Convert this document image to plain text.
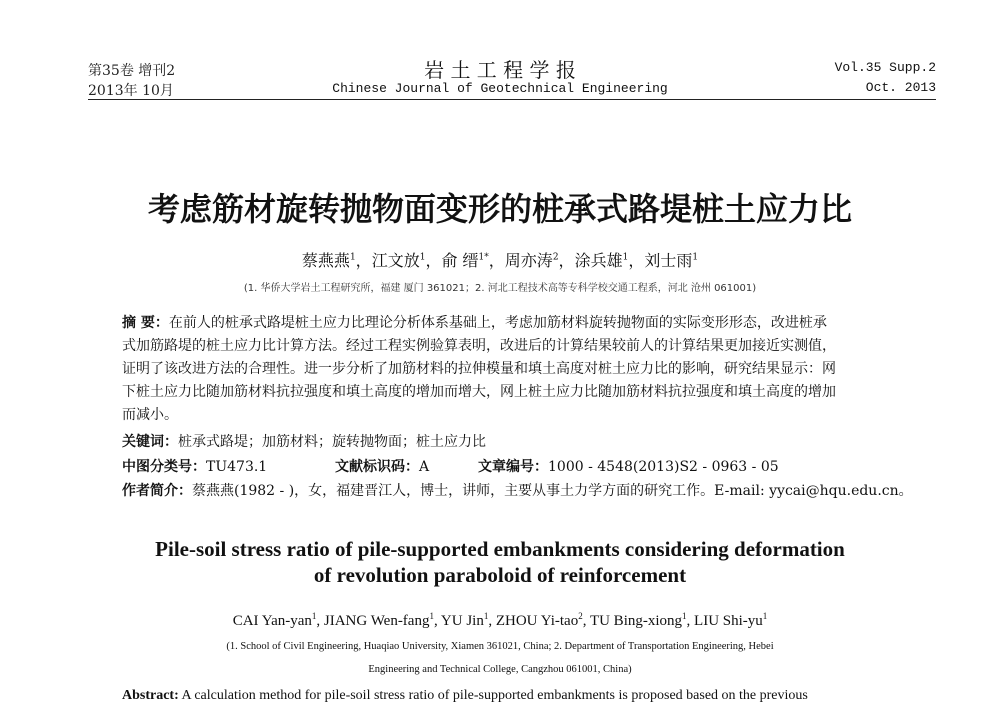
第35卷 增刊2
2013年 10月
岩 土 工 程 学 报
Chinese Journal of Geotechnical Engineering
Vol.35 Supp.2
Oct. 2013
考虑筋材旋转抛物面变形的桩承式路堤桩土应力比
蔡燕燕$^1$，江文放$^1$，俞 缙$^{1*}$，周亦涛$^2$，涂兵雄$^1$，刘士雨$^1$
(1. 华侨大学岩土工程研究所，福建 厦门 361021；2. 河北工程技术高等专科学校交通工程系，河北 沧州 061001)
摘 要：在前人的桩承式路堤桩土应力比理论分析体系基础上，考虑加筋材料旋转抛物面的实际变形形态，改进桩承
式加筋路堤的桩土应力比计算方法。经过工程实例验算表明，改进后的计算结果较前人的计算结果更加接近实测值，
证明了该改进方法的合理性。进一步分析了加筋材料的拉伸模量和填土高度对桩土应力比的影响，研究结果显示：网
下桩土应力比随加筋材料抗拉强度和填土高度的增加而增大，网上桩土应力比随加筋材料抗拉强度和填土高度的增加
而减小。
关键词：桩承式路堤；加筋材料；旋转抛物面；桩土应力比
中图分类号：TU473.1	文献标识码：A	文章编号：1000 - 4548(2013)S2 - 0963 - 05
作者简介：蔡燕燕(1982 - )，女，福建晋江人，博士，讲师，主要从事土力学方面的研究工作。E-mail: yycai@hqu.edu.cn。
Pile-soil stress ratio of pile-supported embankments considering deformation
of revolution paraboloid of reinforcement
CAI Yan-yan$^1$, JIANG Wen-fang$^1$, YU Jin$^1$, ZHOU Yi-tao$^2$, TU Bing-xiong$^1$, LIU Shi-$yu^1$
(1. School of Civil Engineering, Huaqiao University, Xiamen 361021, China; 2. Department of Transportation Engineering, Hebei
Engineering and Technical College, Cangzhou 061001, China)
Abstract: A calculation method for pile-soil stress ratio of pile-supported embankments is proposed based on the previous
